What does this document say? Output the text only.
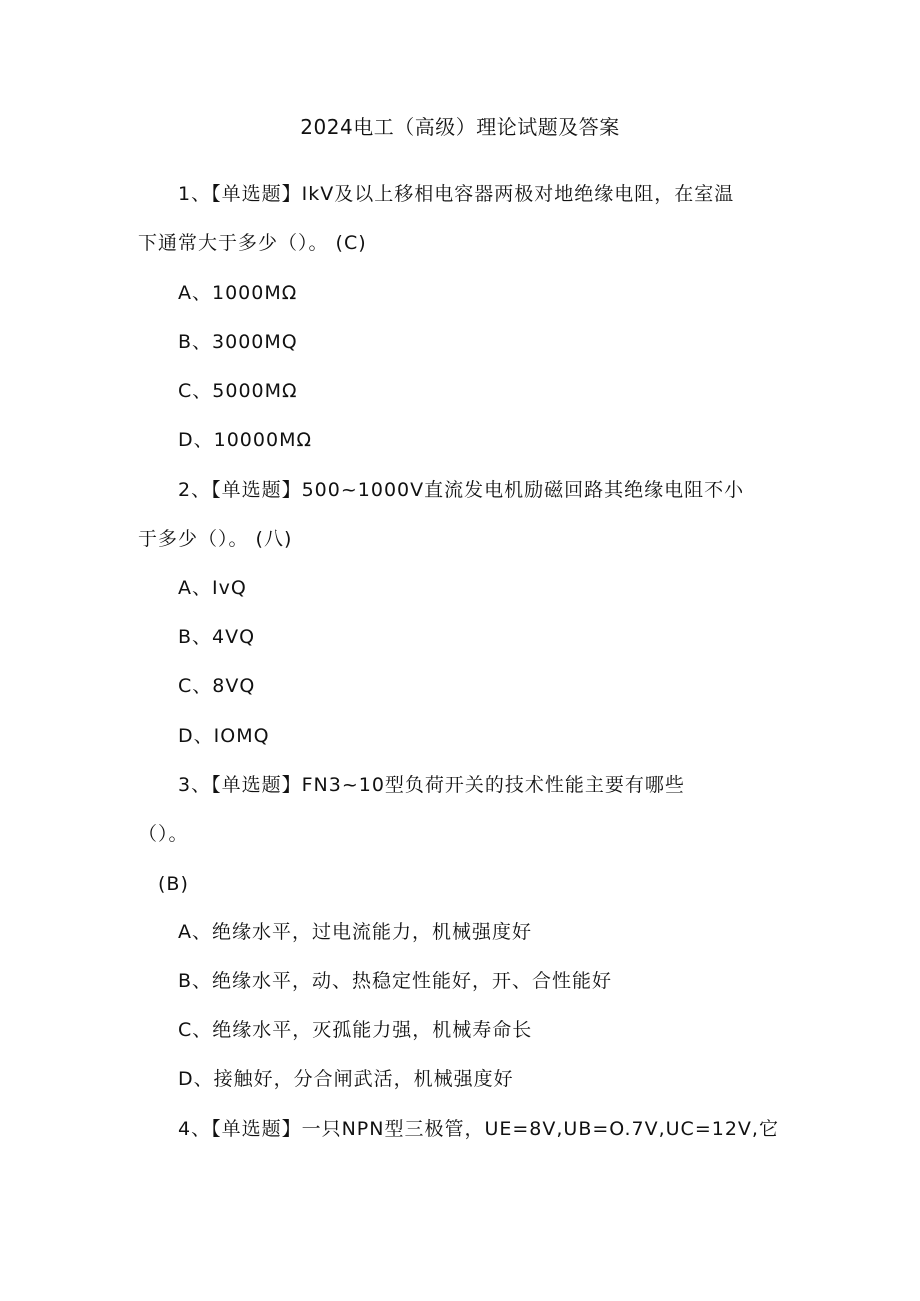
2024电工（高级）理论试题及答案
1、【单选题】IkV及以上移相电容器两极对地绝缘电阻，在室温
下通常大于多少（）。 (C)
A、1000MΩ
B、3000MQ
C、5000MΩ
D、10000MΩ
2、【单选题】500~1000V直流发电机励磁回路其绝缘电阻不小
于多少（）。 (八)
A、IvQ
B、4VQ
C、8VQ
D、IOMQ
3、【单选题】FN3~10型负荷开关的技术性能主要有哪些
（）。
(B)
A、绝缘水平，过电流能力，机械强度好
B、绝缘水平，动、热稳定性能好，开、合性能好
C、绝缘水平，灭孤能力强，机械寿命长
D、接触好，分合闸武活，机械强度好
4、【单选题】一只NPN型三极管，UE=8V,UB=O.7V,UC=12V,它
